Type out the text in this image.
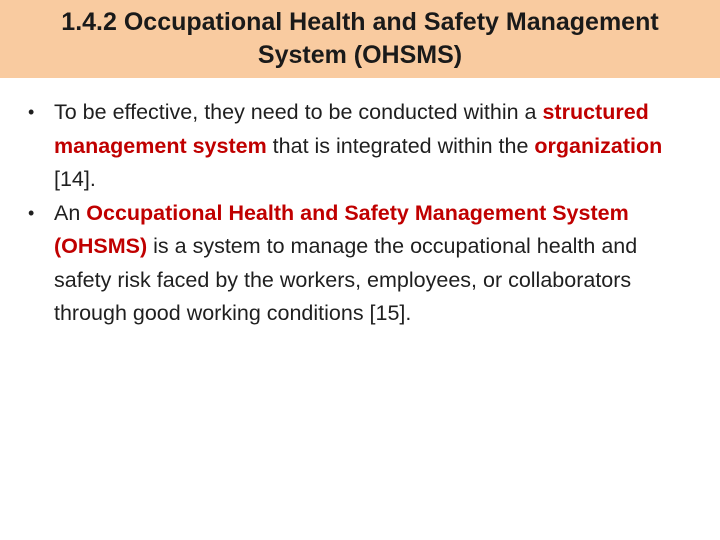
1.4.2 Occupational Health and Safety Management
System (OHSMS)
• To be effective, they need to be conducted within a structured management system that is integrated within the organization [14].
• An Occupational Health and Safety Management System (OHSMS) is a system to manage the occupational health and safety risk faced by the workers, employees, or collaborators through good working conditions [15].
